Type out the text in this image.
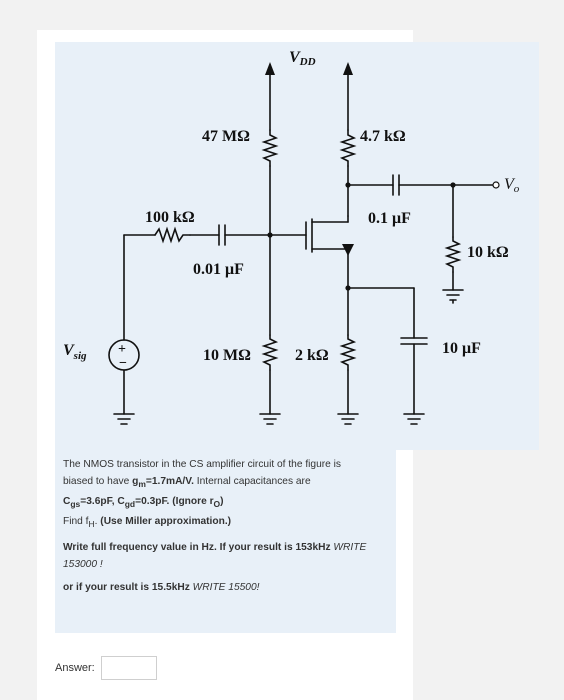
VDD
47 MΩ	4.7 kΩ
100 kΩ
0.01 μF
0.1 μF
10 kΩ
Vo
$V_{sig}$	10 MΩ	2 kΩ	10 μF
+
−

The NMOS transistor in the CS amplifier circuit of the figure is

biased to have $g_m=1.7mA/V$. Internal capacitances are

$C_{gs}=3.6pF$, $C_{gd}=0.3pF$. (Ignore $r_O$)

Find $f_H$. (Use Miller approximation.)

Write full frequency value in Hz. If your result is 153kHz WRITE 153000 !

or if your result is 15.5kHz WRITE 15500!

Answer:
